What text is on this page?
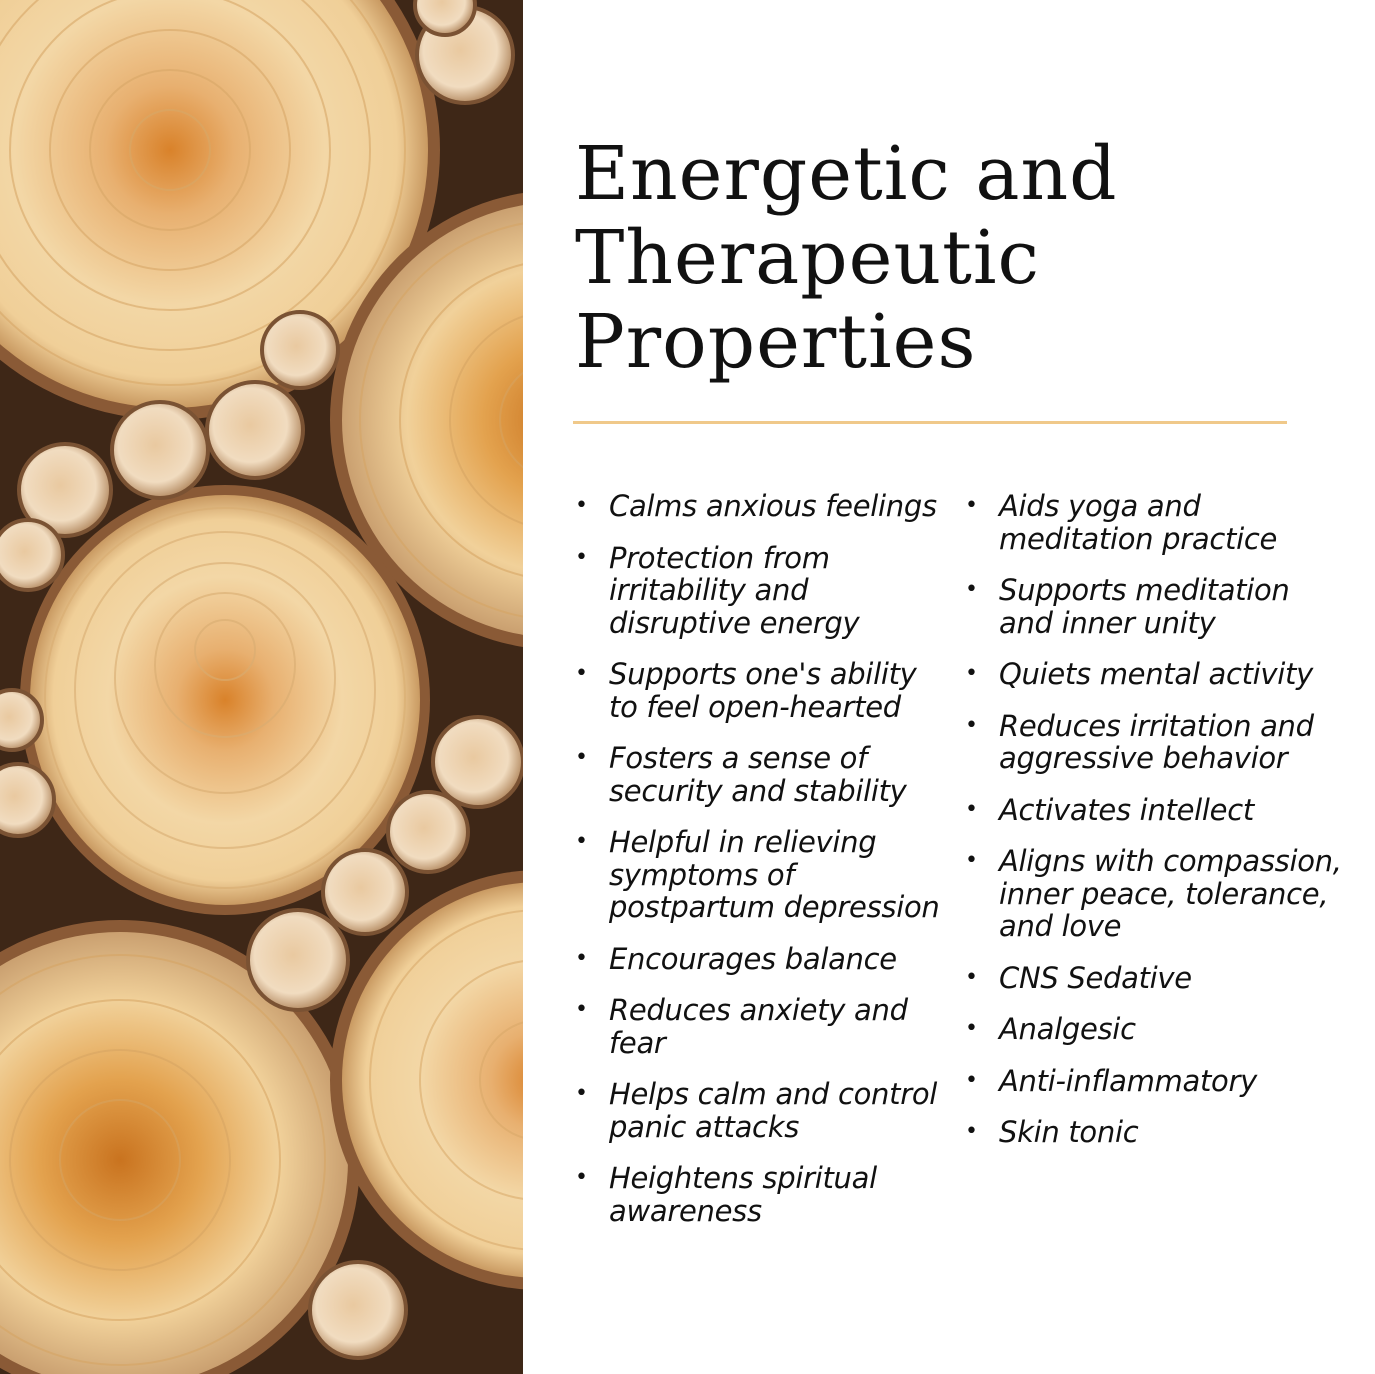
Energetic and
Therapeutic
Properties
• Calms anxious feelings
• Protection from irritability and disruptive energy
• Supports one's ability to feel open-hearted
• Fosters a sense of security and stability
• Helpful in relieving symptoms of postpartum depression
• Encourages balance
• Reduces anxiety and fear
• Helps calm and control panic attacks
• Heightens spiritual awareness
• Aids yoga and meditation practice
• Supports meditation and inner unity
• Quiets mental activity
• Reduces irritation and aggressive behavior
• Activates intellect
• Aligns with compassion, inner peace, tolerance, and love
• CNS Sedative
• Analgesic
• Anti-inflammatory
• Skin tonic
